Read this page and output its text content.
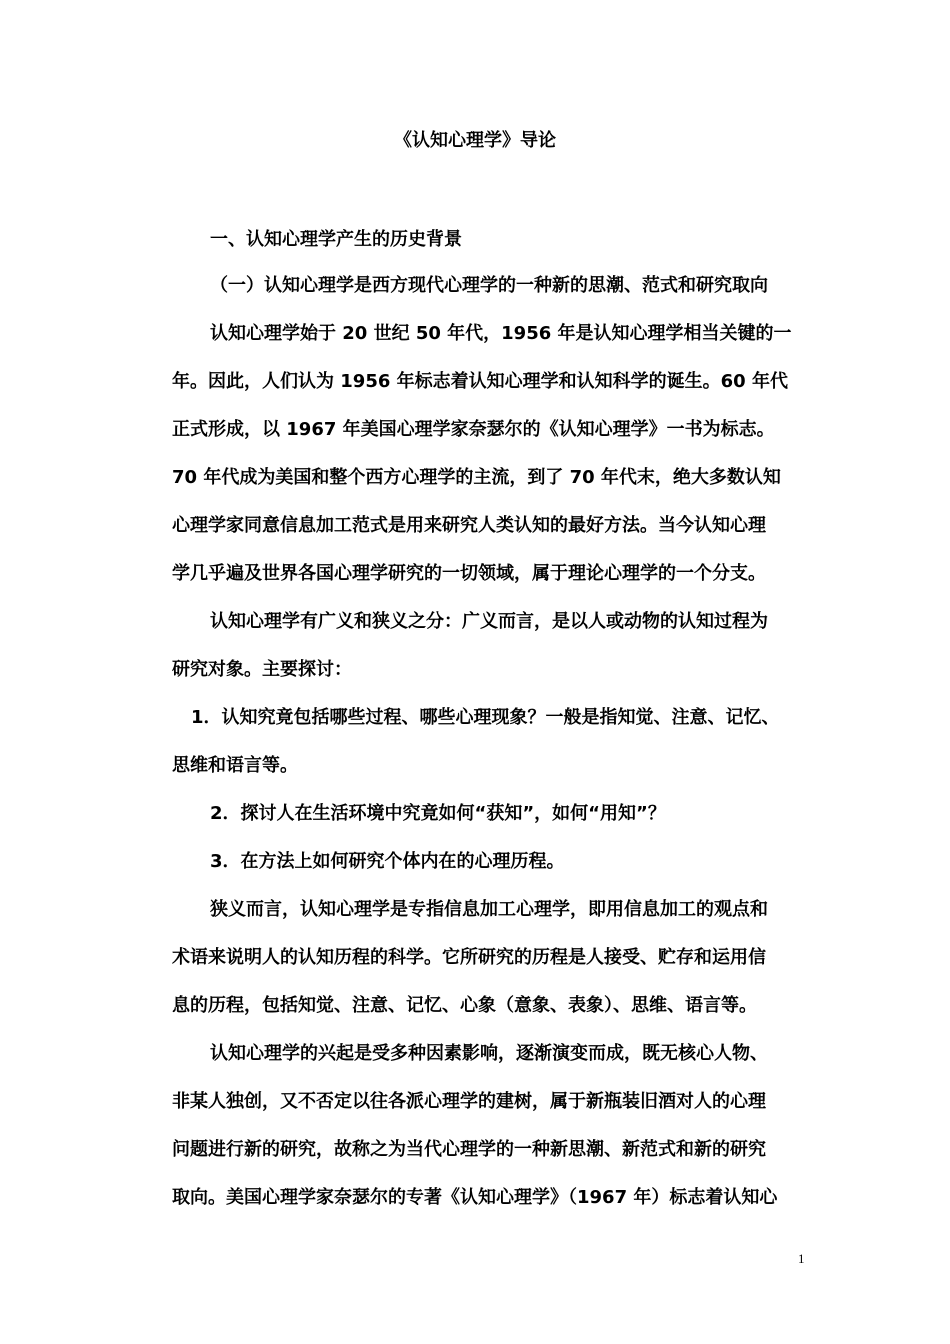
《认知心理学》导论
一、认知心理学产生的历史背景
（一）认知心理学是西方现代心理学的一种新的思潮、范式和研究取向
认知心理学始于 20 世纪 50 年代，1956 年是认知心理学相当关键的一
年。因此，人们认为 1956 年标志着认知心理学和认知科学的诞生。60 年代
正式形成，以 1967 年美国心理学家奈瑟尔的《认知心理学》一书为标志。
70 年代成为美国和整个西方心理学的主流，到了 70 年代末，绝大多数认知
心理学家同意信息加工范式是用来研究人类认知的最好方法。当今认知心理
学几乎遍及世界各国心理学研究的一切领域，属于理论心理学的一个分支。
认知心理学有广义和狭义之分：广义而言，是以人或动物的认知过程为
研究对象。主要探讨：
1．认知究竟包括哪些过程、哪些心理现象？一般是指知觉、注意、记忆、
思维和语言等。
2．探讨人在生活环境中究竟如何“获知”，如何“用知”？
3．在方法上如何研究个体内在的心理历程。
狭义而言，认知心理学是专指信息加工心理学，即用信息加工的观点和
术语来说明人的认知历程的科学。它所研究的历程是人接受、贮存和运用信
息的历程，包括知觉、注意、记忆、心象（意象、表象）、思维、语言等。
认知心理学的兴起是受多种因素影响，逐渐演变而成，既无核心人物、
非某人独创，又不否定以往各派心理学的建树，属于新瓶装旧酒对人的心理
问题进行新的研究，故称之为当代心理学的一种新思潮、新范式和新的研究
取向。美国心理学家奈瑟尔的专著《认知心理学》（1967 年）标志着认知心
1
